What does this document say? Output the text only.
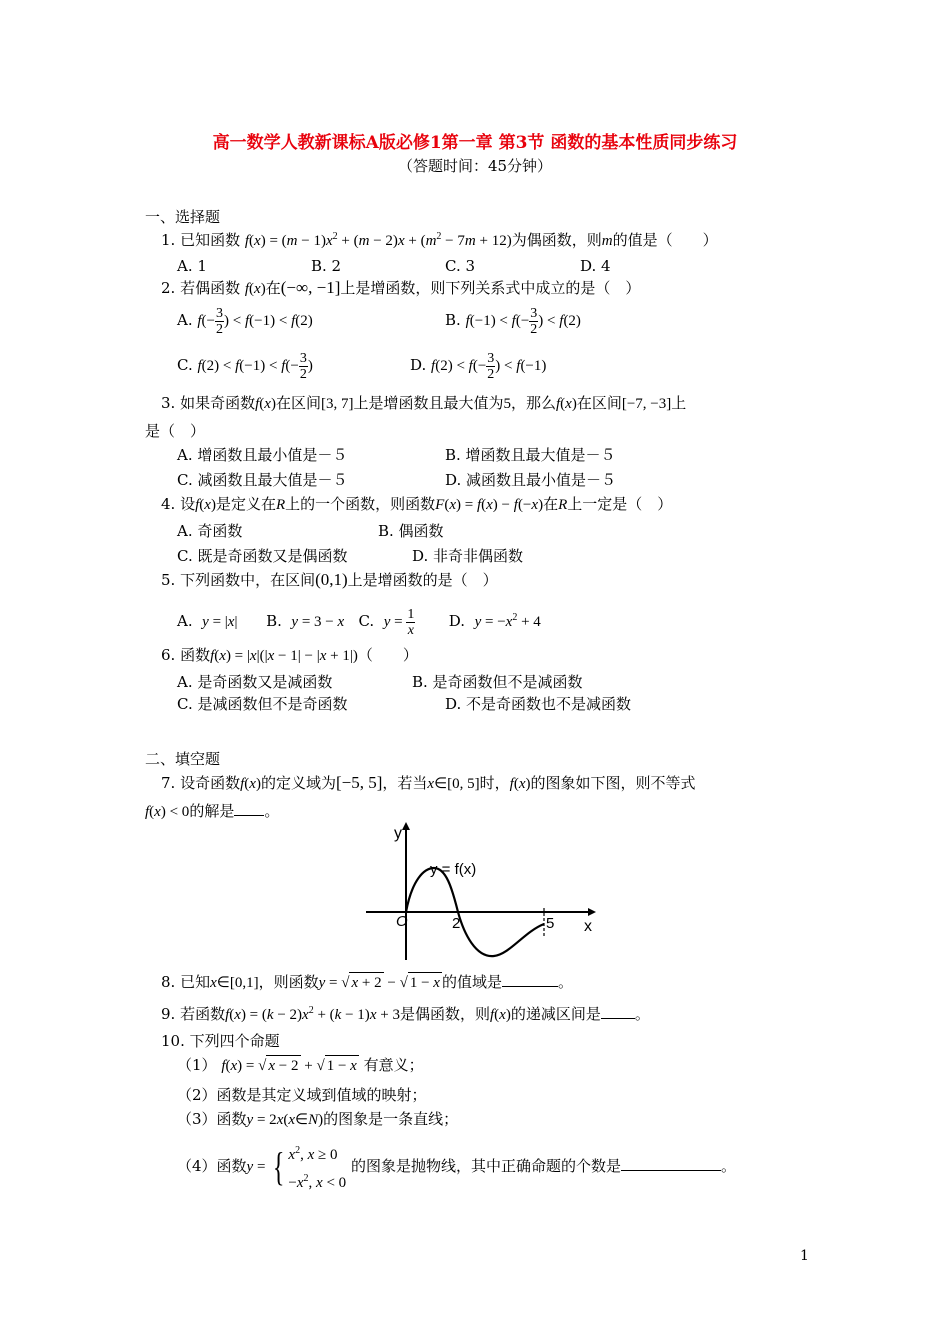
高一数学人教新课标A版必修1第一章 第3节 函数的基本性质同步练习
（答题时间：45分钟）
一、选择题
1. 已知函数 $f(x) = (m - 1)x^2 + (m - 2)x + (m^2 - 7m + 12)$为偶函数，则m的值是（　　）
A. 1	B. 2	C. 3	D. 4
2. 若偶函数 f(x)在(−∞, −1]上是增函数，则下列关系式中成立的是（　）
A. $f(- \frac{3}{2}$ ) < f(−1) < f(2)	B. $f(-1) < f(- \frac{3}{2}$ ) < f(2)
C. $f(2) < f(-1) < f(- \frac{3}{2}$ )	D. $f(2) < f(- \frac{3}{2}$ ) < f(−1)
3. 如果奇函数f(x)在区间[3, 7]上是增函数且最大值为5，那么f(x)在区间[−7, −3]上
是（　）
A. 增函数且最小值是－５	B. 增函数且最大值是－５
C. 减函数且最大值是－５	D. 减函数且最小值是－５
4. 设f(x)是定义在R上的一个函数，则函数F(x) = f(x) − f(−x)在R上一定是（　）
A. 奇函数	B. 偶函数
C. 既是奇函数又是偶函数	D. 非奇非偶函数
5. 下列函数中，在区间(0,1)上是增函数的是（　）
A.  y = |x|      B.  y = 3 − x   C.  $y = \frac{1}{x} D$.  $y = -x^2 + 4$
6. 函数f(x) = |x|(|x − 1| − |x + 1|)（　　）
A. 是奇函数又是减函数	B. 是奇函数但不是减函数
C. 是减函数但不是奇函数	D. 不是奇函数也不是减函数
二、填空题
7. 设奇函数f(x)的定义域为[−5, 5]，若当x∈[0, 5]时，f(x)的图象如下图，则不等式
f(x) < 0的解是 。
y
x
y = f(x)
O	2	5
8. 已知x∈[0,1]，则函数y = √ x + 2 − √ 1 − x 的值域是	。
9. 若函数$f(x) = (k - 2)x^2 + (k - 1)x + 3$是偶函数，则f(x)的递减区间是 。
10. 下列四个命题
（1） f(x) = √ x − 2 + √ 1 − x 有意义；
（2）函数是其定义域到值域的映射；
（3）函数y = 2x(x∈N)的图象是一条直线；
（4）函数y = { $x^2$, x ≥ 0
$-x^2$, x < 0
的图象是抛物线，其中正确命题的个数是	。
1
